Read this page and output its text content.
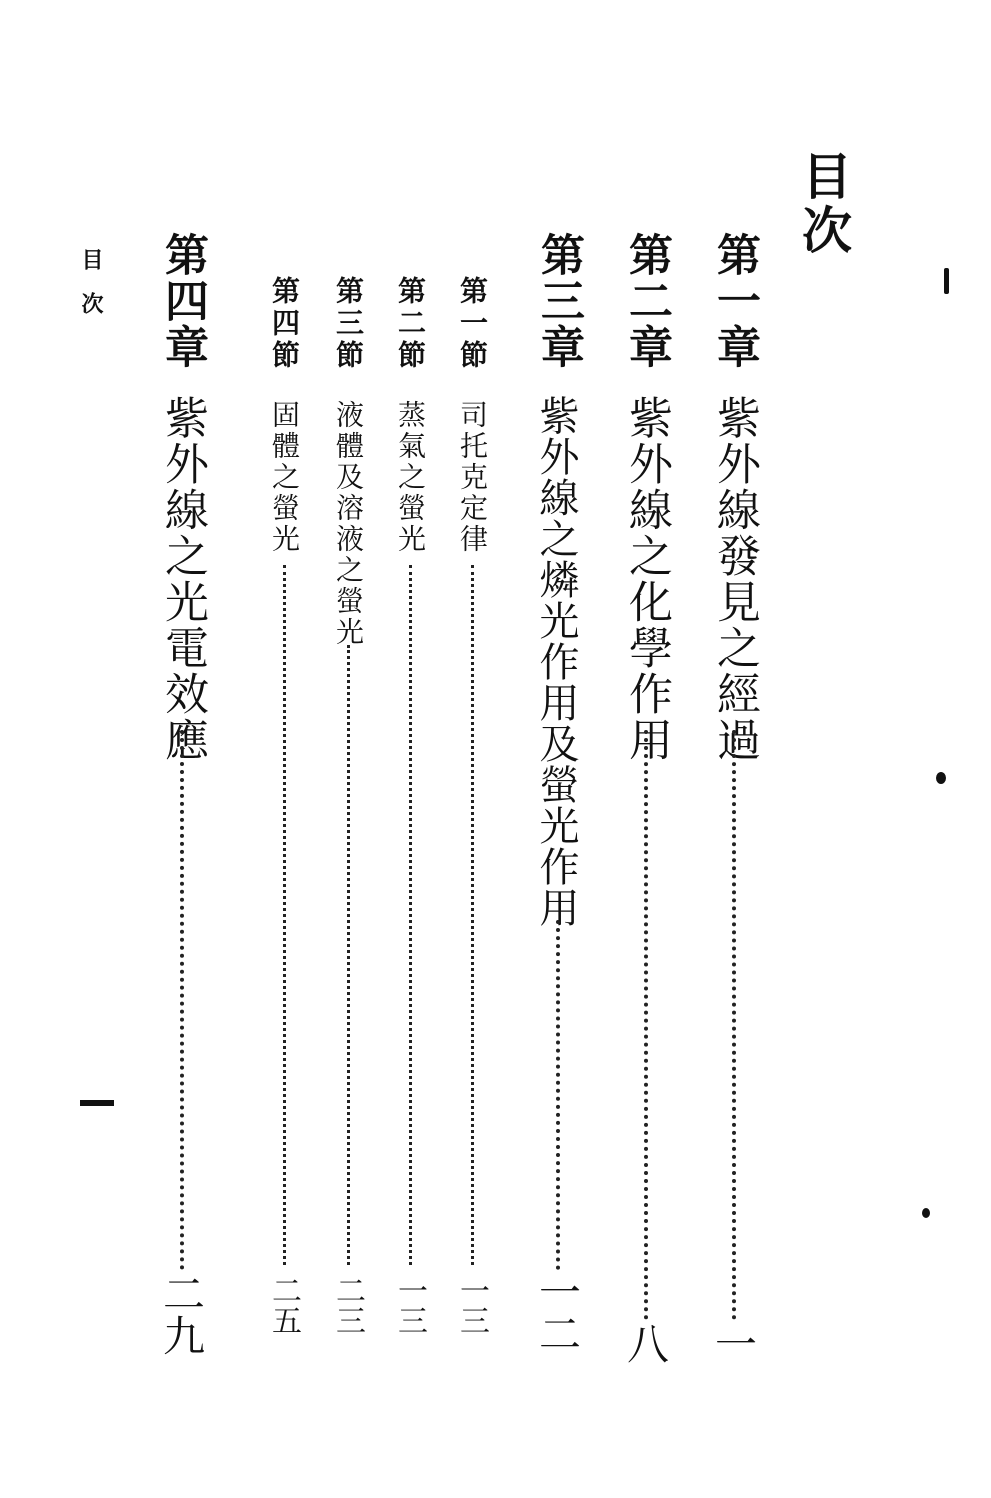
目次
第一章
紫外線發見之經過
一
第二章
紫外線之化學作用
八
第三章
紫外線之燐光作用及螢光作用
一二
第一節
司托克定律
一三
第二節
蒸氣之螢光
一三
第三節
液體及溶液之螢光
二三
第四節
固體之螢光
二五
第四章
紫外線之光電效應
二九
目次
